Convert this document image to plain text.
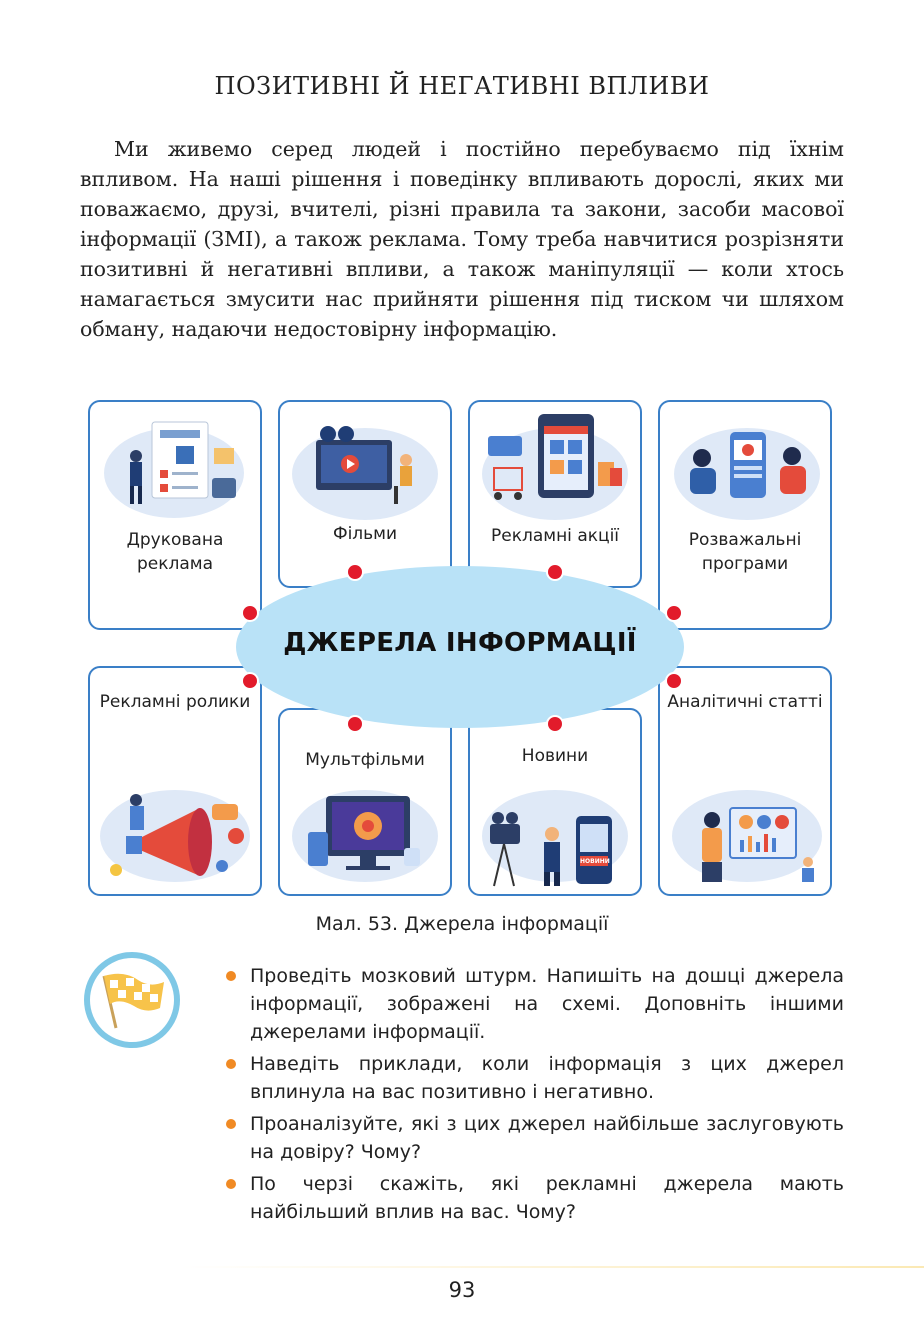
ПОЗИТИВНІ Й НЕГАТИВНІ ВПЛИВИ

Ми живемо серед людей і постійно перебуваємо під їхнім впливом. На наші рішення і поведінку впливають дорослі, яких ми поважаємо, друзі, вчителі, різні правила та закони, засоби масової інформації (ЗМІ), а також реклама. Тому треба навчитися розрізняти позитивні й негативні впливи, а також маніпуляції — коли хтось намагається змусити нас прийняти рішення під тиском чи шляхом обману, надаючи недостовірну інформацію.

Друкована реклама
Фільми	Рекламні акції	Розважальні програми
Рекламні ролики
Мультфільми	Новини
НОВИНИ
Аналітичні статті
ДЖЕРЕЛА ІНФОРМАЦІЇ
Мал. 53. Джерела інформації
Проведіть мозковий штурм. Напишіть на дошці джерела інформації, зображені на схемі. Доповніть іншими джерелами інформації.
Наведіть приклади, коли інформація з цих джерел вплинула на вас позитивно і негативно.
Проаналізуйте, які з цих джерел найбільше заслуговують на довіру? Чому?
По черзі скажіть, які рекламні джерела мають найбільший вплив на вас. Чому?
93
